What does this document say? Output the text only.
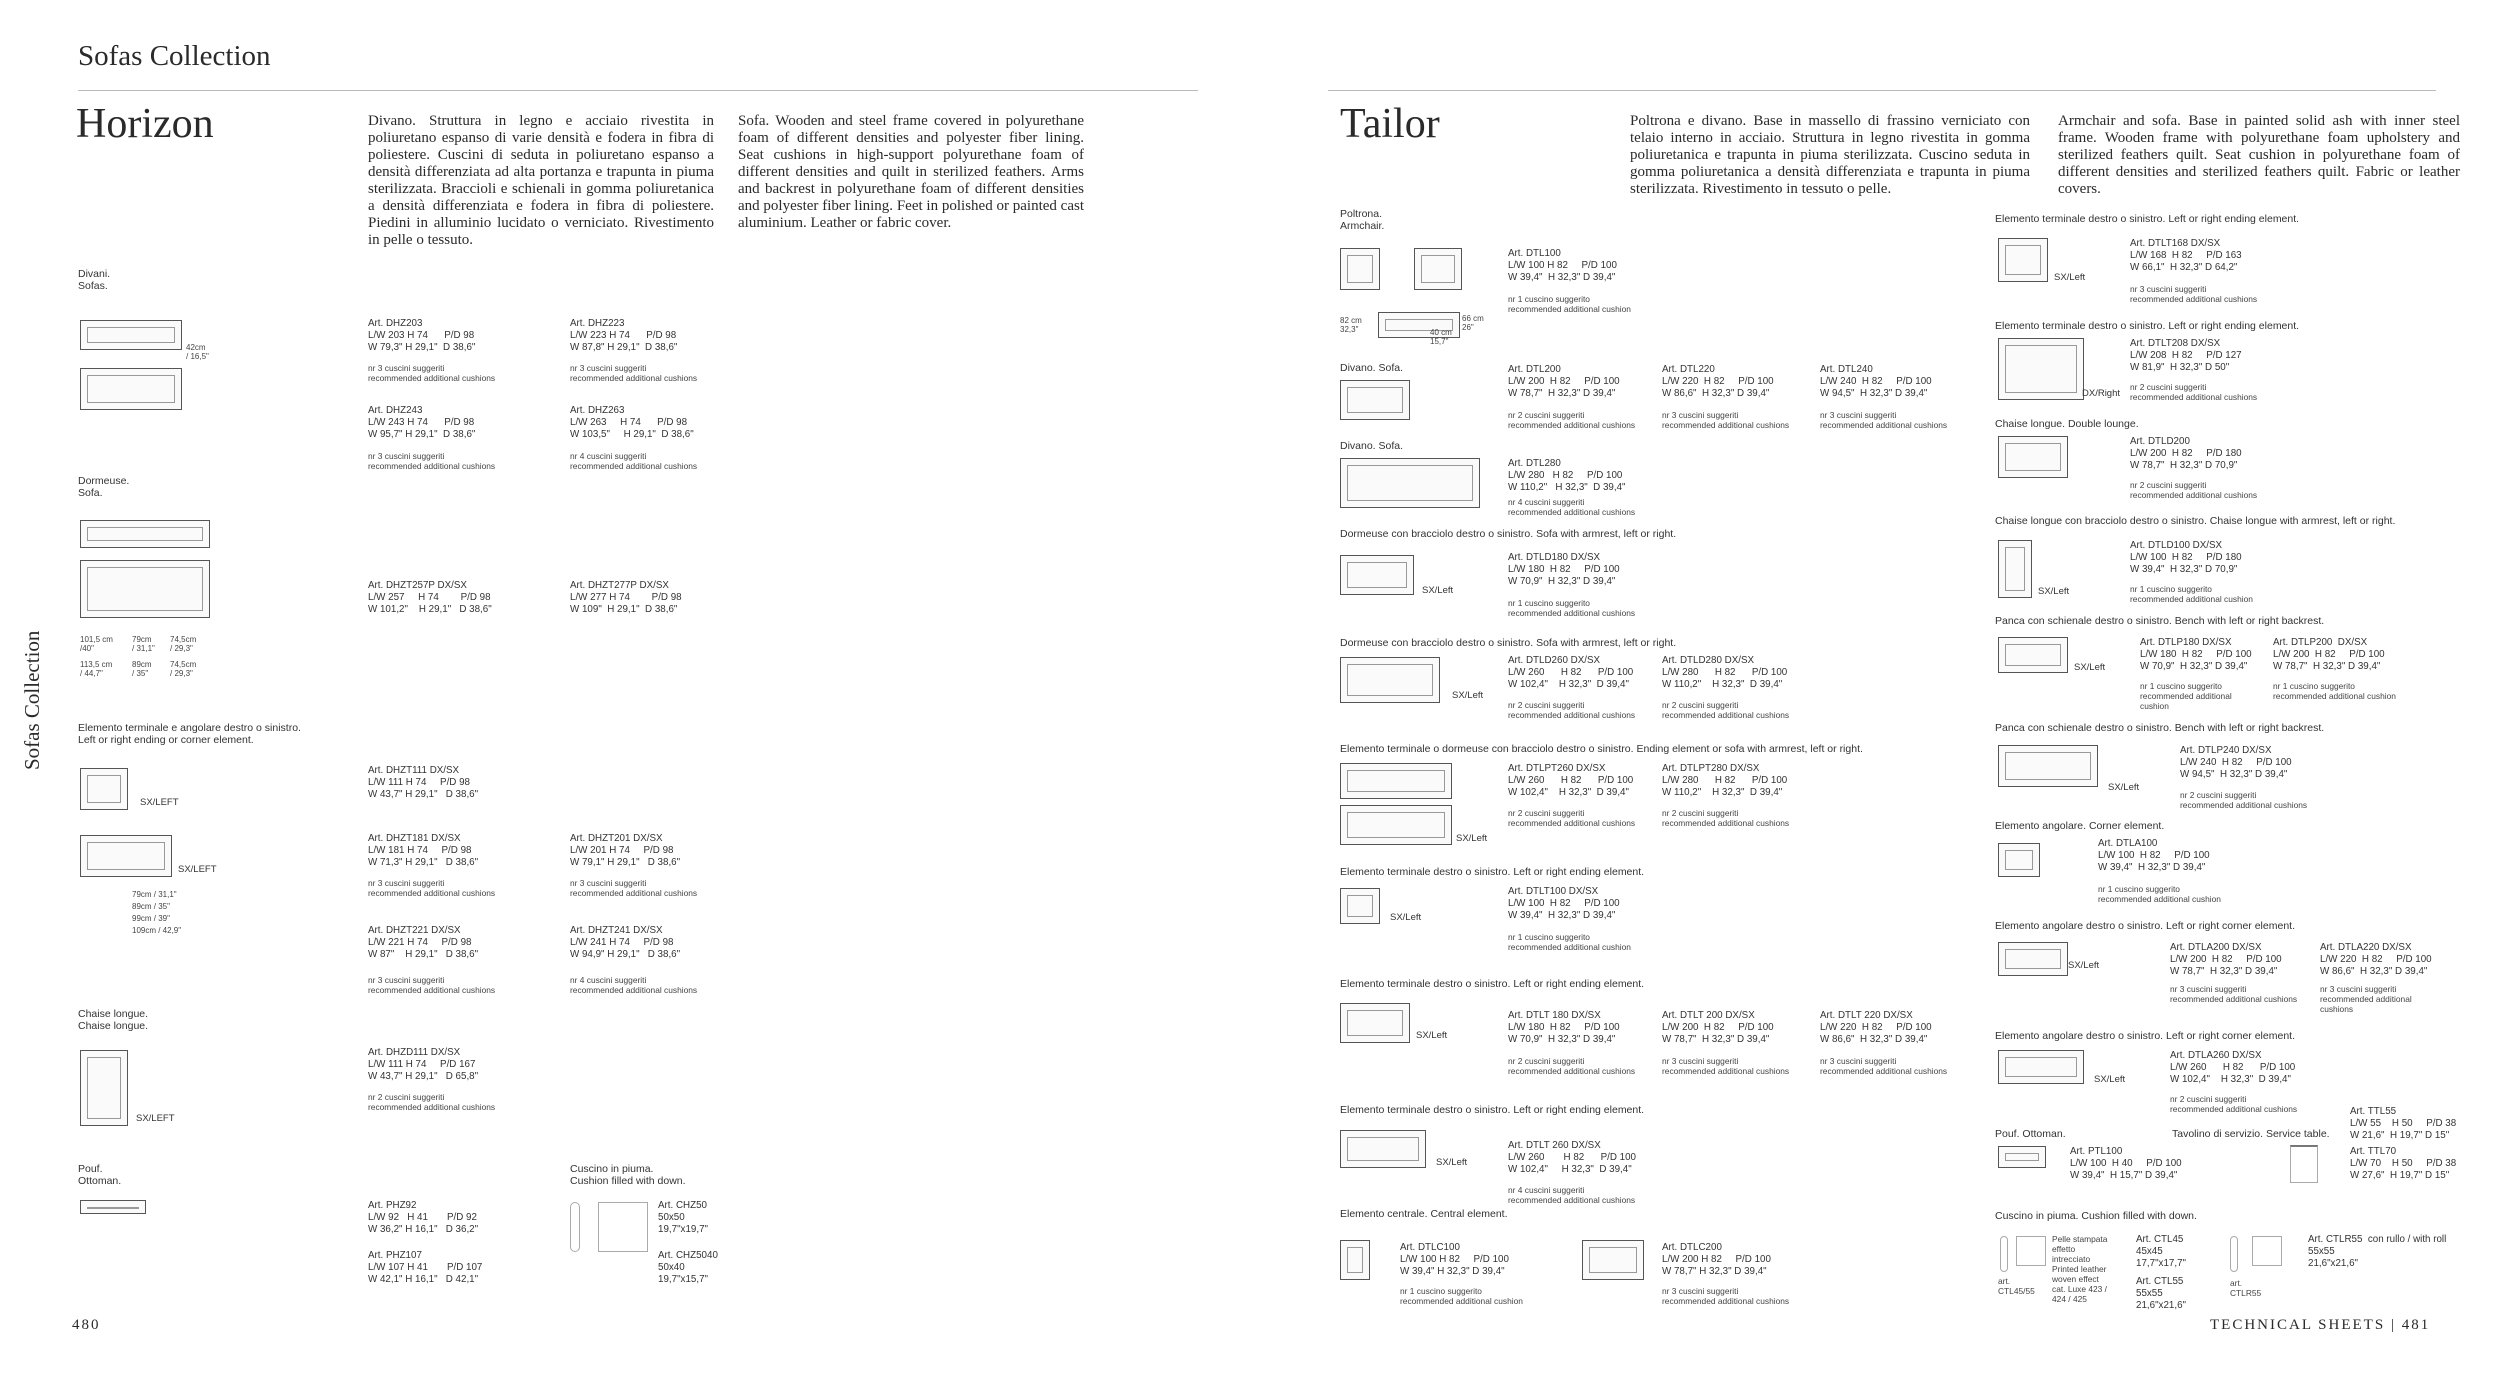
Sofas Collection
Horizon	Divano. Struttura in legno e acciaio rivestita in poliuretano espanso di varie densità e fodera in fibra di poliestere. Cuscini di seduta in poliuretano espanso a densità differenziata ad alta portanza e trapunta in piuma sterilizzata. Braccioli e schienali in gomma poliuretanica a densità differenziata e fodera in fibra di poliestere. Piedini in alluminio lucidato o verniciato. Rivestimento in pelle o tessuto.
Sofa. Wooden and steel frame covered in polyurethane foam of different densities and polyester fiber lining. Seat cushions in high-support polyurethane foam of different densities and quilt in sterilized feathers. Arms and backrest in polyurethane foam of different densities and polyester fiber lining. Feet in polished or painted cast aluminium. Leather or fabric cover.
Sofas Collection
480
Divani.
Sofas.
42cm
/ 16,5"
Art. DHZ203
L/W 203 H 74      P/D 98
W 79,3" H 29,1"  D 38,6"
nr 3 cuscini suggeriti
recommended additional cushions
Art. DHZ223
L/W 223 H 74      P/D 98
W 87,8" H 29,1"  D 38,6"
nr 3 cuscini suggeriti
recommended additional cushions
Art. DHZ243
L/W 243 H 74      P/D 98
W 95,7" H 29,1"  D 38,6"
nr 3 cuscini suggeriti
recommended additional cushions
Art. DHZ263
L/W 263     H 74      P/D 98
W 103,5"     H 29,1"  D 38,6"
nr 4 cuscini suggeriti
recommended additional cushions
Dormeuse.
Sofa.
101,5 cm
/40"
79cm
/ 31,1"
74,5cm
/ 29,3"
113,5 cm
/ 44,7"
89cm
/ 35"
74,5cm
/ 29,3"
Art. DHZT257P DX/SX
L/W 257     H 74        P/D 98
W 101,2"    H 29,1"   D 38,6"
Art. DHZT277P DX/SX
L/W 277 H 74        P/D 98
W 109"  H 29,1"  D 38,6"
Elemento terminale e angolare destro o sinistro.
Left or right ending or corner element.
SX/LEFT
SX/LEFT
79cm / 31,1"
89cm / 35"
99cm / 39"
109cm / 42,9"
Art. DHZT111 DX/SX
L/W 111 H 74     P/D 98
W 43,7" H 29,1"   D 38,6"
Art. DHZT181 DX/SX
L/W 181 H 74     P/D 98
W 71,3" H 29,1"   D 38,6"
nr 3 cuscini suggeriti
recommended additional cushions
Art. DHZT201 DX/SX
L/W 201 H 74     P/D 98
W 79,1" H 29,1"   D 38,6"
nr 3 cuscini suggeriti
recommended additional cushions
Art. DHZT221 DX/SX
L/W 221 H 74     P/D 98
W 87"    H 29,1"   D 38,6"
nr 3 cuscini suggeriti
recommended additional cushions
Art. DHZT241 DX/SX
L/W 241 H 74     P/D 98
W 94,9" H 29,1"   D 38,6"
nr 4 cuscini suggeriti
recommended additional cushions
Chaise longue.
Chaise longue.
SX/LEFT
Art. DHZD111 DX/SX
L/W 111 H 74     P/D 167
W 43,7" H 29,1"   D 65,8"
nr 2 cuscini suggeriti
recommended additional cushions
Pouf.
Ottoman.
Art. PHZ92
L/W 92   H 41       P/D 92
W 36,2" H 16,1"   D 36,2"
Art. PHZ107
L/W 107 H 41       P/D 107
W 42,1" H 16,1"   D 42,1"
Cuscino in piuma.
Cushion filled with down.
Art. CHZ50
50x50
19,7"x19,7"
Art. CHZ5040
50x40
19,7"x15,7"
Tailor	Poltrona e divano. Base in massello di frassino verniciato con telaio interno in acciaio. Struttura in legno rivestita in gomma poliuretanica e trapunta in piuma sterilizzata. Cuscino seduta in gomma poliuretanica a densità differenziata e trapunta in piuma sterilizzata. Rivestimento in tessuto o pelle.
Armchair and sofa. Base in painted solid ash with inner steel frame. Wooden frame with polyurethane foam upholstery and sterilized feathers quilt. Seat cushion in polyurethane foam of different densities and sterilized feathers quilt. Fabric or leather covers.
TECHNICAL SHEETS | 481
Poltrona.
Armchair.
82 cm
32,3"	40 cm
15,7"
66 cm
26"
Art. DTL100
L/W 100 H 82     P/D 100
W 39,4"  H 32,3" D 39,4"
nr 1 cuscino suggerito
recommended additional cushion
Divano. Sofa.	Art. DTL200
L/W 200  H 82     P/D 100
W 78,7"  H 32,3" D 39,4"
nr 2 cuscini suggeriti
recommended additional cushions
Art. DTL220
L/W 220  H 82     P/D 100
W 86,6"  H 32,3" D 39,4"
nr 3 cuscini suggeriti
recommended additional cushions
Art. DTL240
L/W 240  H 82     P/D 100
W 94,5"  H 32,3" D 39,4"
nr 3 cuscini suggeriti
recommended additional cushions
Divano. Sofa.
Art. DTL280
L/W 280   H 82     P/D 100
W 110,2"   H 32,3"  D 39,4"
nr 4 cuscini suggeriti
recommended additional cushions
Dormeuse con bracciolo destro o sinistro. Sofa with armrest, left or right.
SX/Left
Art. DTLD180 DX/SX
L/W 180  H 82     P/D 100
W 70,9"  H 32,3" D 39,4"
nr 1 cuscino suggerito
recommended additional cushions
Dormeuse con bracciolo destro o sinistro. Sofa with armrest, left or right.
SX/Left
Art. DTLD260 DX/SX
L/W 260      H 82      P/D 100
W 102,4"    H 32,3"  D 39,4"
nr 2 cuscini suggeriti
recommended additional cushions
Art. DTLD280 DX/SX
L/W 280      H 82      P/D 100
W 110,2"    H 32,3"  D 39,4"
nr 2 cuscini suggeriti
recommended additional cushions
Elemento terminale o dormeuse con bracciolo destro o sinistro. Ending element or sofa with armrest, left or right.
SX/Left
Art. DTLPT260 DX/SX
L/W 260      H 82      P/D 100
W 102,4"    H 32,3"  D 39,4"
nr 2 cuscini suggeriti
recommended additional cushions
Art. DTLPT280 DX/SX
L/W 280      H 82      P/D 100
W 110,2"    H 32,3"  D 39,4"
nr 2 cuscini suggeriti
recommended additional cushions
Elemento terminale destro o sinistro. Left or right ending element.
SX/Left
Art. DTLT100 DX/SX
L/W 100  H 82     P/D 100
W 39,4"  H 32,3" D 39,4"
nr 1 cuscino suggerito
recommended additional cushion
Elemento terminale destro o sinistro. Left or right ending element.
SX/Left
Art. DTLT 180 DX/SX
L/W 180  H 82     P/D 100
W 70,9"  H 32,3" D 39,4"
nr 2 cuscini suggeriti
recommended additional cushions
Art. DTLT 200 DX/SX
L/W 200  H 82     P/D 100
W 78,7"  H 32,3" D 39,4"
nr 3 cuscini suggeriti
recommended additional cushions
Art. DTLT 220 DX/SX
L/W 220  H 82     P/D 100
W 86,6"  H 32,3" D 39,4"
nr 3 cuscini suggeriti
recommended additional cushions
Elemento terminale destro o sinistro. Left or right ending element.
SX/Left
Art. DTLT 260 DX/SX
L/W 260       H 82      P/D 100
W 102,4"     H 32,3"  D 39,4"
nr 4 cuscini suggeriti
recommended additional cushions
Elemento centrale. Central element.
Art. DTLC100
L/W 100 H 82     P/D 100
W 39,4" H 32,3" D 39,4"
nr 1 cuscino suggerito
recommended additional cushion
Art. DTLC200
L/W 200 H 82     P/D 100
W 78,7" H 32,3" D 39,4"
nr 3 cuscini suggeriti
recommended additional cushions
Elemento terminale destro o sinistro. Left or right ending element.
SX/Left
Art. DTLT168 DX/SX
L/W 168  H 82     P/D 163
W 66,1"  H 32,3" D 64,2"
nr 3 cuscini suggeriti
recommended additional cushions
Elemento terminale destro o sinistro. Left or right ending element.
DX/Right
Art. DTLT208 DX/SX
L/W 208  H 82     P/D 127
W 81,9"  H 32,3" D 50"
nr 2 cuscini suggeriti
recommended additional cushions
Chaise longue. Double lounge.
Art. DTLD200
L/W 200  H 82     P/D 180
W 78,7"  H 32,3" D 70,9"
nr 2 cuscini suggeriti
recommended additional cushions
Chaise longue con bracciolo destro o sinistro. Chaise longue with armrest, left or right.
SX/Left
Art. DTLD100 DX/SX
L/W 100  H 82     P/D 180
W 39,4"  H 32,3" D 70,9"
nr 1 cuscino suggerito
recommended additional cushion
Panca con schienale destro o sinistro. Bench with left or right backrest.
SX/Left
Art. DTLP180 DX/SX
L/W 180  H 82     P/D 100
W 70,9"  H 32,3" D 39,4"
nr 1 cuscino suggerito
recommended additional
cushion
Art. DTLP200  DX/SX
L/W 200  H 82     P/D 100
W 78,7"  H 32,3" D 39,4"
nr 1 cuscino suggerito
recommended additional cushion
Panca con schienale destro o sinistro. Bench with left or right backrest.
SX/Left
Art. DTLP240 DX/SX
L/W 240  H 82     P/D 100
W 94,5"  H 32,3" D 39,4"
nr 2 cuscini suggeriti
recommended additional cushions
Elemento angolare. Corner element.
Art. DTLA100
L/W 100  H 82     P/D 100
W 39,4"  H 32,3" D 39,4"
nr 1 cuscino suggerito
recommended additional cushion
Elemento angolare destro o sinistro. Left or right corner element.
SX/Left
Art. DTLA200 DX/SX
L/W 200  H 82     P/D 100
W 78,7"  H 32,3" D 39,4"
nr 3 cuscini suggeriti
recommended additional cushions
Art. DTLA220 DX/SX
L/W 220  H 82     P/D 100
W 86,6"  H 32,3" D 39,4"
nr 3 cuscini suggeriti
recommended additional
cushions
Elemento angolare destro o sinistro. Left or right corner element.
SX/Left
Art. DTLA260 DX/SX
L/W 260      H 82      P/D 100
W 102,4"    H 32,3"  D 39,4"
nr 2 cuscini suggeriti
recommended additional cushions
Pouf. Ottoman.
Art. PTL100
L/W 100  H 40     P/D 100
W 39,4"  H 15,7" D 39,4"
Tavolino di servizio. Service table.
Art. TTL55
L/W 55    H 50     P/D 38
W 21,6"  H 19,7" D 15"
Art. TTL70
L/W 70    H 50     P/D 38
W 27,6"  H 19,7" D 15"
Cuscino in piuma. Cushion filled with down.
Pelle stampata
effetto
intrecciato
Printed leather
woven effect
cat. Luxe 423 /
424 / 425
art.
CTL45/55
Art. CTL45
45x45
17,7"x17,7"
Art. CTL55
55x55
21,6"x21,6"
art.
CTLR55
Art. CTLR55  con rullo / with roll
55x55
21,6"x21,6"
